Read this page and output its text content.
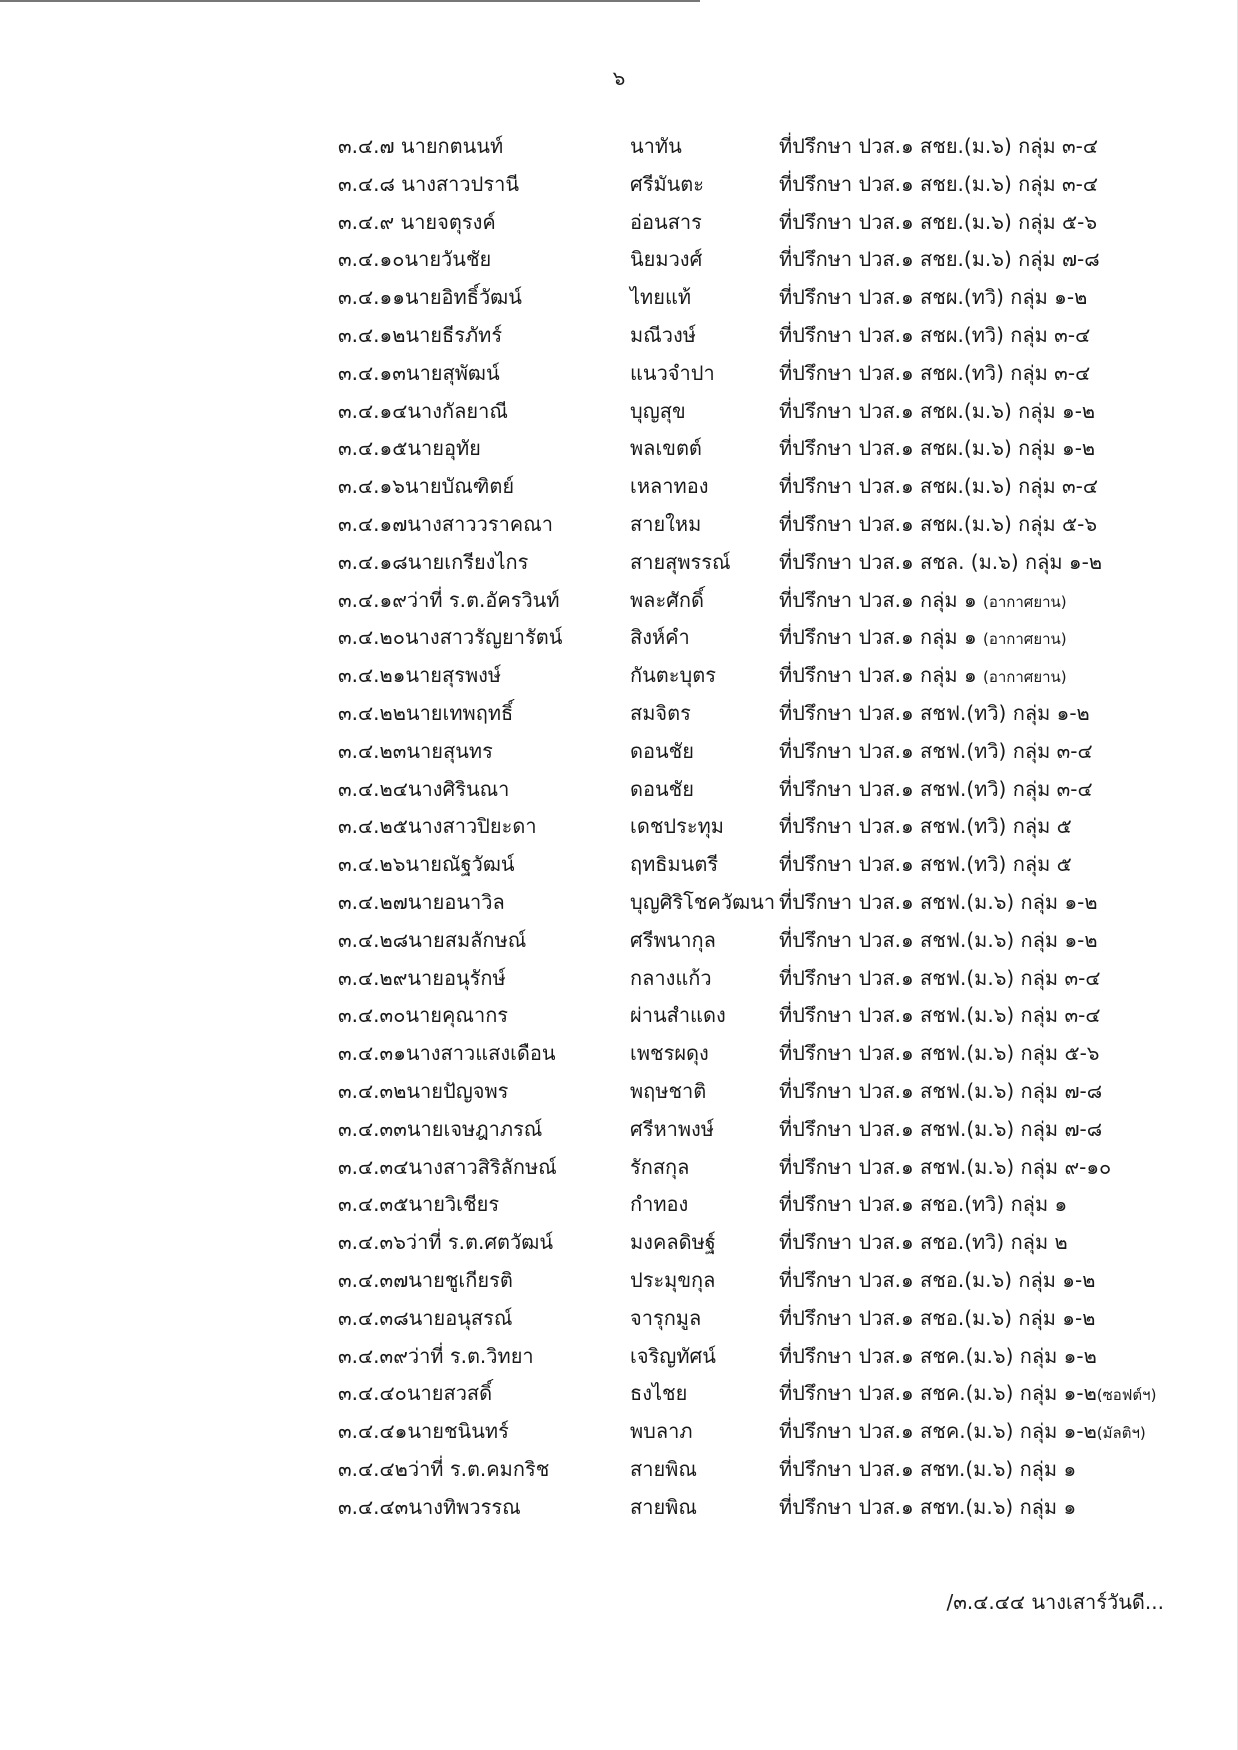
๖
๓.๔.๗ นายกตนนท์	นาทัน	ที่ปรึกษา ปวส.๑ สชย.(ม.๖) กลุ่ม ๓-๔
๓.๔.๘ นางสาวปรานี	ศรีมันตะ	ที่ปรึกษา ปวส.๑ สชย.(ม.๖) กลุ่ม ๓-๔
๓.๔.๙ นายจตุรงค์	อ่อนสาร	ที่ปรึกษา ปวส.๑ สชย.(ม.๖) กลุ่ม ๕-๖
๓.๔.๑๐นายวันชัย	นิยมวงศ์	ที่ปรึกษา ปวส.๑ สชย.(ม.๖) กลุ่ม ๗-๘
๓.๔.๑๑นายอิทธิ์วัฒน์	ไทยแท้	ที่ปรึกษา ปวส.๑ สชผ.(ทวิ) กลุ่ม ๑-๒
๓.๔.๑๒นายธีรภัทร์	มณีวงษ์	ที่ปรึกษา ปวส.๑ สชผ.(ทวิ) กลุ่ม ๓-๔
๓.๔.๑๓นายสุพัฒน์	แนวจำปา	ที่ปรึกษา ปวส.๑ สชผ.(ทวิ) กลุ่ม ๓-๔
๓.๔.๑๔นางกัลยาณี	บุญสุข	ที่ปรึกษา ปวส.๑ สชผ.(ม.๖) กลุ่ม ๑-๒
๓.๔.๑๕นายอุทัย	พลเขตต์	ที่ปรึกษา ปวส.๑ สชผ.(ม.๖) กลุ่ม ๑-๒
๓.๔.๑๖นายบัณฑิตย์	เหลาทอง	ที่ปรึกษา ปวส.๑ สชผ.(ม.๖) กลุ่ม ๓-๔
๓.๔.๑๗นางสาววราคณา	สายใหม	ที่ปรึกษา ปวส.๑ สชผ.(ม.๖) กลุ่ม ๕-๖
๓.๔.๑๘นายเกรียงไกร	สายสุพรรณ์ ที่ปรึกษา ปวส.๑ สชล. (ม.๖) กลุ่ม ๑-๒
๓.๔.๑๙ว่าที่ ร.ต.อัครวินท์	พละศักดิ์	ที่ปรึกษา ปวส.๑ กลุ่ม ๑ (อากาศยาน)
๓.๔.๒๐นางสาวรัญยารัตน์	สิงห์คำ	ที่ปรึกษา ปวส.๑ กลุ่ม ๑ (อากาศยาน)
๓.๔.๒๑นายสุรพงษ์	กันตะบุตร	ที่ปรึกษา ปวส.๑ กลุ่ม ๑ (อากาศยาน)
๓.๔.๒๒นายเทพฤทธิ์	สมจิตร	ที่ปรึกษา ปวส.๑ สชฟ.(ทวิ) กลุ่ม ๑-๒
๓.๔.๒๓นายสุนทร	ดอนชัย	ที่ปรึกษา ปวส.๑ สชฟ.(ทวิ) กลุ่ม ๓-๔
๓.๔.๒๔นางศิรินณา	ดอนชัย	ที่ปรึกษา ปวส.๑ สชฟ.(ทวิ) กลุ่ม ๓-๔
๓.๔.๒๕นางสาวปิยะดา	เดชประทุม	ที่ปรึกษา ปวส.๑ สชฟ.(ทวิ) กลุ่ม ๕
๓.๔.๒๖นายณัฐวัฒน์	ฤทธิมนตรี	ที่ปรึกษา ปวส.๑ สชฟ.(ทวิ) กลุ่ม ๕
๓.๔.๒๗นายอนาวิล	บุญศิริโชควัฒนา ที่ปรึกษา ปวส.๑ สชฟ.(ม.๖) กลุ่ม ๑-๒
๓.๔.๒๘นายสมลักษณ์	ศรีพนากุล	ที่ปรึกษา ปวส.๑ สชฟ.(ม.๖) กลุ่ม ๑-๒
๓.๔.๒๙นายอนุรักษ์	กลางแก้ว	ที่ปรึกษา ปวส.๑ สชฟ.(ม.๖) กลุ่ม ๓-๔
๓.๔.๓๐นายคุณากร	ผ่านสำแดง	ที่ปรึกษา ปวส.๑ สชฟ.(ม.๖) กลุ่ม ๓-๔
๓.๔.๓๑นางสาวแสงเดือน	เพชรผดุง	ที่ปรึกษา ปวส.๑ สชฟ.(ม.๖) กลุ่ม ๕-๖
๓.๔.๓๒นายปัญจพร	พฤษชาติ	ที่ปรึกษา ปวส.๑ สชฟ.(ม.๖) กลุ่ม ๗-๘
๓.๔.๓๓นายเจษฎาภรณ์	ศรีหาพงษ์	ที่ปรึกษา ปวส.๑ สชฟ.(ม.๖) กลุ่ม ๗-๘
๓.๔.๓๔นางสาวสิริลักษณ์	รักสกุล	ที่ปรึกษา ปวส.๑ สชฟ.(ม.๖) กลุ่ม ๙-๑๐
๓.๔.๓๕นายวิเชียร	กำทอง	ที่ปรึกษา ปวส.๑ สชอ.(ทวิ) กลุ่ม ๑
๓.๔.๓๖ว่าที่ ร.ต.ศตวัฒน์	มงคลดิษฐ์	ที่ปรึกษา ปวส.๑ สชอ.(ทวิ) กลุ่ม ๒
๓.๔.๓๗นายชูเกียรติ	ประมุขกุล	ที่ปรึกษา ปวส.๑ สชอ.(ม.๖) กลุ่ม ๑-๒
๓.๔.๓๘นายอนุสรณ์	จารุกมูล	ที่ปรึกษา ปวส.๑ สชอ.(ม.๖) กลุ่ม ๑-๒
๓.๔.๓๙ว่าที่ ร.ต.วิทยา	เจริญทัศน์	ที่ปรึกษา ปวส.๑ สชค.(ม.๖) กลุ่ม ๑-๒
๓.๔.๔๐นายสวสดิ์	ธงไชย	ที่ปรึกษา ปวส.๑ สชค.(ม.๖) กลุ่ม ๑-๒(ซอฟต์ฯ)
๓.๔.๔๑นายชนินทร์	พบลาภ	ที่ปรึกษา ปวส.๑ สชค.(ม.๖) กลุ่ม ๑-๒(มัลติฯ)
๓.๔.๔๒ว่าที่ ร.ต.คมกริช	สายพิณ	ที่ปรึกษา ปวส.๑ สชท.(ม.๖) กลุ่ม ๑
๓.๔.๔๓นางทิพวรรณ	สายพิณ	ที่ปรึกษา ปวส.๑ สชท.(ม.๖) กลุ่ม ๑
/๓.๔.๔๔ นางเสาร์วันดี...
